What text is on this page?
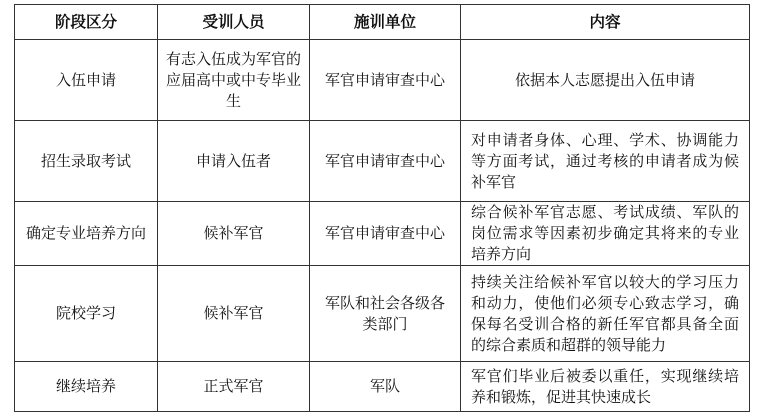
阶段区分	受训人员	施训单位	内容
入伍申请	有志入伍成为军官的应届高中或中专毕业生	军官申请审查中心	依据本人志愿提出入伍申请
招生录取考试	申请入伍者	军官申请审查中心	对申请者身体、心理、学术、协调能力等方面考试，通过考核的申请者成为候补军官
确定专业培养方向	候补军官	军官申请审查中心	综合候补军官志愿、考试成绩、军队的岗位需求等因素初步确定其将来的专业培养方向
院校学习	候补军官	军队和社会各级各类部门	持续关注给候补军官以较大的学习压力和动力，使他们必须专心致志学习，确保每名受训合格的新任军官都具备全面的综合素质和超群的领导能力
继续培养	正式军官	军队	军官们毕业后被委以重任，实现继续培养和锻炼，促进其快速成长
